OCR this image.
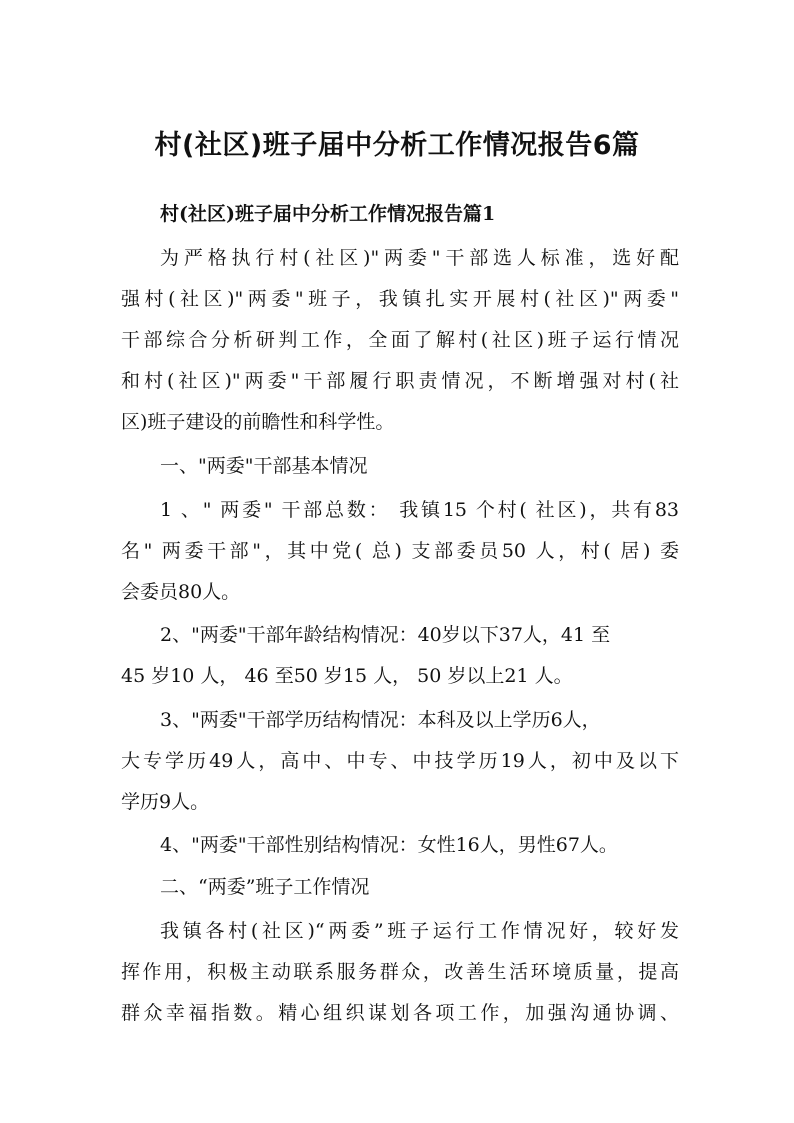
村(社区)班子届中分析工作情况报告6篇
村(社区)班子届中分析工作情况报告篇1

为严格执行村(社区)"两委"干部选人标准，选好配

强村(社区)"两委"班子，我镇扎实开展村(社区)"两委"

干部综合分析研判工作，全面了解村(社区)班子运行情况

和村(社区)"两委"干部履行职责情况，不断增强对村(社

区)班子建设的前瞻性和科学性。

一、"两委"干部基本情况

1 、" 两委" 干部总数： 我镇15 个村( 社区)，共有83

名" 两委干部"，其中党( 总) 支部委员50 人，村( 居) 委

会委员80人。

2、"两委"干部年龄结构情况：40岁以下37人，41 至

45 岁10 人， 46 至50 岁15 人， 50 岁以上21 人。

3、"两委"干部学历结构情况：本科及以上学历6人，

大专学历49人，高中、中专、中技学历19人，初中及以下

学历9人。

4、"两委"干部性别结构情况：女性16人，男性67人。

二、“两委”班子工作情况

我镇各村(社区)“两委”班子运行工作情况好，较好发

挥作用，积极主动联系服务群众，改善生活环境质量，提高

群众幸福指数。精心组织谋划各项工作，加强沟通协调、
